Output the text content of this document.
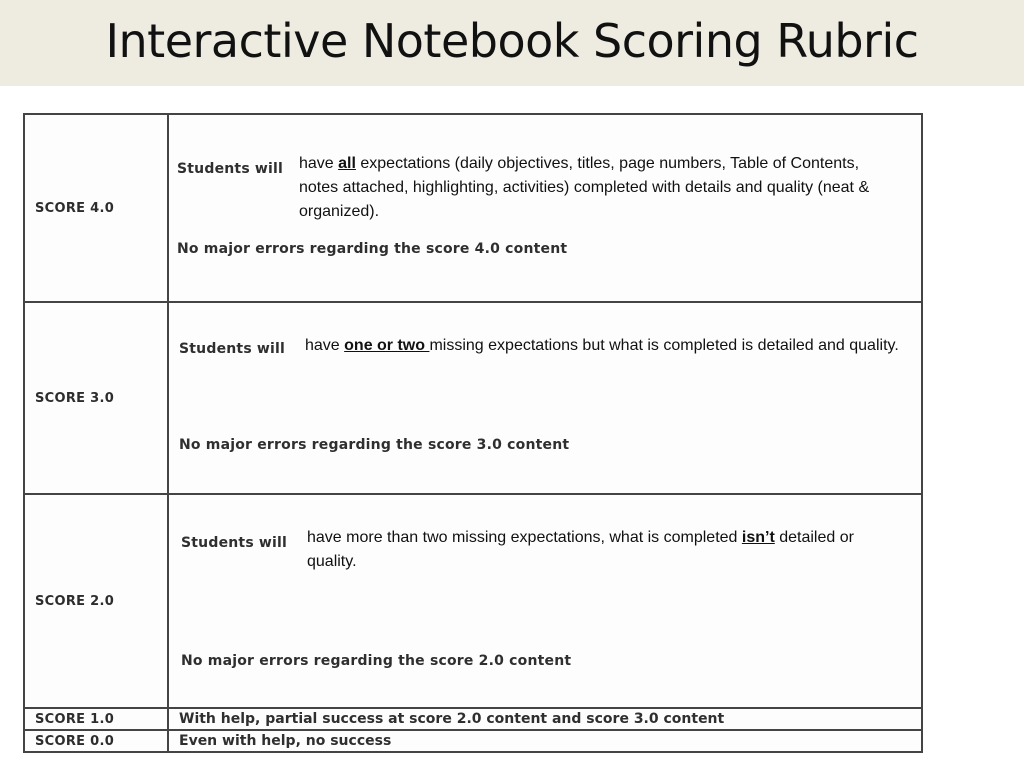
Interactive Notebook Scoring Rubric
SCORE 4.0	Students will have all expectations (daily objectives, titles, page numbers, Table of Contents, notes attached, highlighting, activities) completed with details and quality (neat & organized).
No major errors regarding the score 4.0 content

SCORE 3.0	Students will have one or two missing expectations but what is completed is detailed and quality.
No major errors regarding the score 3.0 content

SCORE 2.0	Students will have more than two missing expectations, what is completed isn’t detailed or quality.
No major errors regarding the score 2.0 content

SCORE 1.0	With help, partial success at score 2.0 content and score 3.0 content
SCORE 0.0	Even with help, no success
